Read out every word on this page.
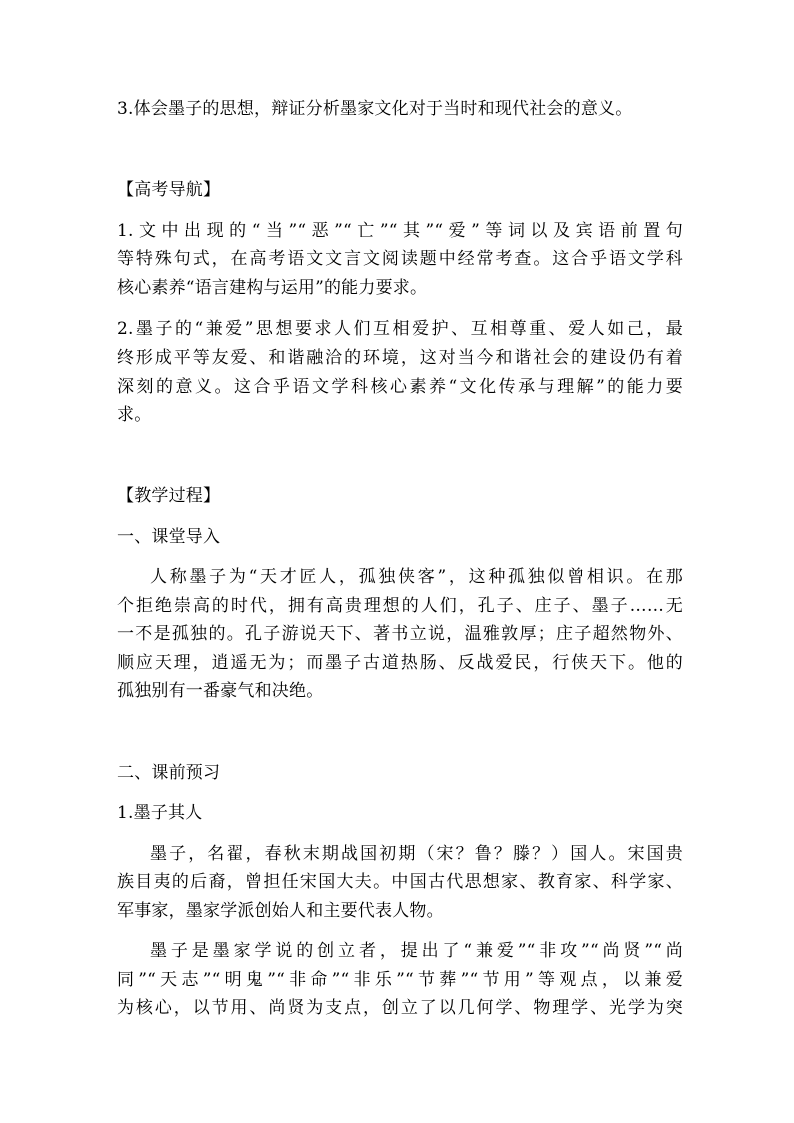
3.体会墨子的思想，辩证分析墨家文化对于当时和现代社会的意义。
【高考导航】
1.文中出现的“当”“恶”“亡”“其”“爱”等词以及宾语前置句
等特殊句式，在高考语文文言文阅读题中经常考查。这合乎语文学科
核心素养“语言建构与运用”的能力要求。
2.墨子的“兼爱”思想要求人们互相爱护、互相尊重、爱人如己，最
终形成平等友爱、和谐融洽的环境，这对当今和谐社会的建设仍有着
深刻的意义。这合乎语文学科核心素养“文化传承与理解”的能力要
求。
【教学过程】
一、课堂导入
人称墨子为“天才匠人，孤独侠客”，这种孤独似曾相识。在那
个拒绝崇高的时代，拥有高贵理想的人们，孔子、庄子、墨子……无
一不是孤独的。孔子游说天下、著书立说，温雅敦厚；庄子超然物外、
顺应天理，逍遥无为；而墨子古道热肠、反战爱民，行侠天下。他的
孤独别有一番豪气和决绝。
二、课前预习
1.墨子其人
墨子，名翟，春秋末期战国初期（宋？鲁？滕？）国人。宋国贵
族目夷的后裔，曾担任宋国大夫。中国古代思想家、教育家、科学家、
军事家，墨家学派创始人和主要代表人物。
墨子是墨家学说的创立者，提出了“兼爱”“非攻”“尚贤”“尚
同”“天志”“明鬼”“非命”“非乐”“节葬”“节用”等观点，以兼爱
为核心，以节用、尚贤为支点，创立了以几何学、物理学、光学为突
